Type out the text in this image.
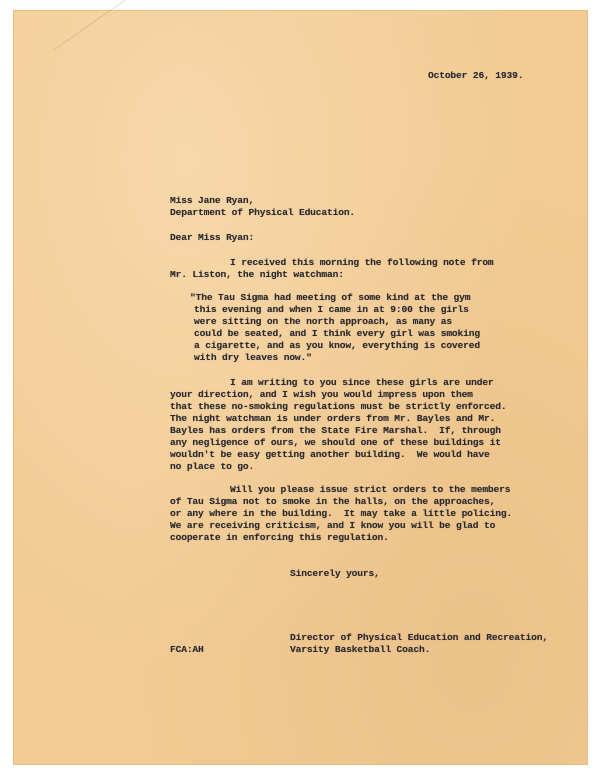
October 26, 1939.

Miss Jane Ryan,

Department of Physical Education.

Dear Miss Ryan:

I received this morning the following note from

Mr. Liston, the night watchman:

"The Tau Sigma had meeting of some kind at the gym

this evening and when I came in at 9:00 the girls

were sitting on the north approach, as many as

could be seated, and I think every girl was smoking

a cigarette, and as you know, everything is covered

with dry leaves now."

I am writing to you since these girls are under

your direction, and I wish you would impress upon them

that these no-smoking regulations must be strictly enforced.

The night watchman is under orders from Mr. Bayles and Mr.

Bayles has orders from the State Fire Marshal.  If, through

any negligence of ours, we should one of these buildings it

wouldn't be easy getting another building.  We would have

no place to go.

Will you please issue strict orders to the members

of Tau Sigma not to smoke in the halls, on the approaches,

or any where in the building.  It may take a little policing.

We are receiving criticism, and I know you will be glad to

cooperate in enforcing this regulation.

Sincerely yours,

Director of Physical Education and Recreation,

Varsity Basketball Coach.

FCA:AH
